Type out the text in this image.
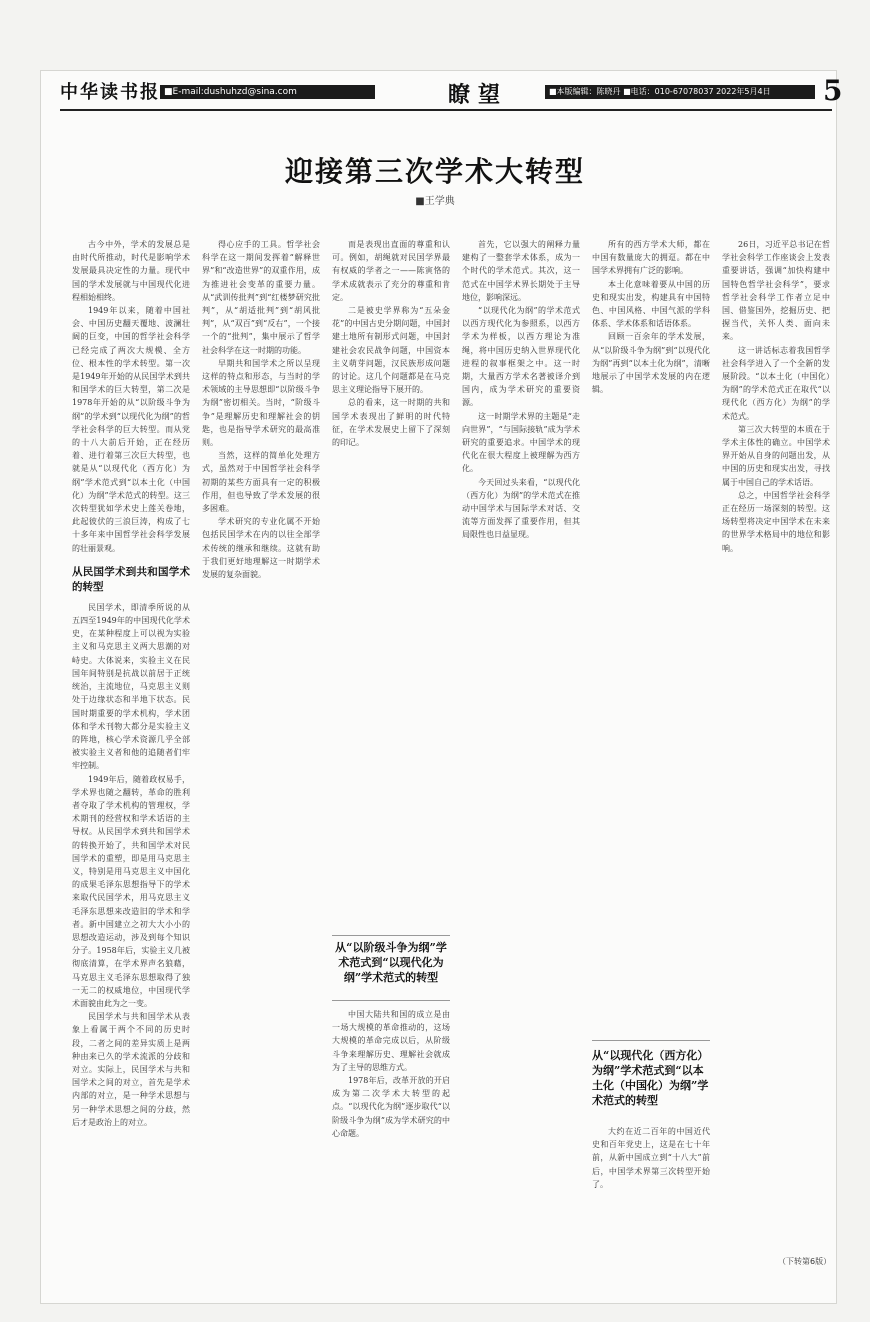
中华读书报 ■E-mail:dushuhzd@sina.com	瞭望	■本版编辑：陈晓丹 ■电话：010-67078037 2022年5月4日	5
迎接第三次学术大转型
■王学典

古今中外，学术的发展总是由时代所推动，时代是影响学术发展最具决定性的力量。现代中国的学术发展就与中国现代化进程相始相终。

1949年以来，随着中国社会、中国历史翻天覆地、波澜壮阔的巨变，中国的哲学社会科学已经完成了两次大规模、全方位、根本性的学术转型。第一次是1949年开始的从民国学术到共和国学术的巨大转型，第二次是1978年开始的从“以阶级斗争为纲”的学术到“以现代化为纲”的哲学社会科学的巨大转型。而从党的十八大前后开始，正在经历着、进行着第三次巨大转型，也就是从“以现代化（西方化）为纲”学术范式到“以本土化（中国化）为纲”学术范式的转型。这三次转型犹如学术史上莲关卷地，此起彼伏的三浪巨涛，构成了七十多年来中国哲学社会科学发展的壮丽景观。

从民国学术到共和国学术的转型

民国学术，即清季所说的从五四至1949年的中国现代化学术史，在某种程度上可以视为实验主义和马克思主义两大思潮的对峙史。大体说来，实验主义在民国年间特别是抗战以前居于正统统治，主流地位，马克思主义则处于边缘状态和半地下状态。民国时期重要的学术机构，学术团体和学术刊物大都分是实验主义的阵地，核心学术资源几乎全部被实验主义者和他的追随者们牢牢控制。

1949年后，随着政权易手，学术界也随之翻转，革命的胜利者夺取了学术机构的管理权，学术期刊的经营权和学术话语的主导权。从民国学术到共和国学术的转换开始了，共和国学术对民国学术的重塑，即是用马克思主义，特别是用马克思主义中国化的成果毛泽东思想指导下的学术来取代民国学术，用马克思主义毛泽东思想来改造旧的学术和学者。新中国建立之初大大小小的思想改造运动，涉及到每个知识分子。1958年后，实验主义几被彻底清算，在学术界声名狼藉，马克思主义毛泽东思想取得了独一无二的权威地位，中国现代学术面貌由此为之一变。

民国学术与共和国学术从表象上看属于两个不同的历史时段，二者之间的差异实质上是两种由来已久的学术流派的分歧和对立。实际上，民国学术与共和国学术之间的对立，首先是学术内部的对立，是一种学术思想与另一种学术思想之间的分歧，然后才是政治上的对立。

得心应手的工具。哲学社会科学在这一期间发挥着“解释世界”和“改造世界”的双重作用，成为推进社会变革的重要力量。从“武训传批判”到“红楼梦研究批判”，从“胡适批判”到“胡风批判”，从“双百”到“反右”，一个接一个的“批判”，集中展示了哲学社会科学在这一时期的功能。

早期共和国学术之所以呈现这样的特点和形态，与当时的学术领域的主导思想即“以阶级斗争为纲”密切相关。当时，“阶级斗争”是理解历史和理解社会的钥匙，也是指导学术研究的最高准则。

当然，这样的简单化处理方式，虽然对于中国哲学社会科学初期的某些方面具有一定的积极作用，但也导致了学术发展的很多困难。

学术研究的专业化属不开始包括民国学术在内的以往全部学术传统的继承和继续。这就有助于我们更好地理解这一时期学术发展的复杂面貌。

而是表现出直面的尊重和认可。例如，胡绳就对民国学界最有权威的学者之一——陈寅恪的学术成就表示了充分的尊重和肯定。

二是被史学界称为“五朵金花”的中国古史分期问题，中国封建土地所有制形式问题，中国封建社会农民战争问题，中国资本主义萌芽问题，汉民族形成问题的讨论。这几个问题都是在马克思主义理论指导下展开的。

总的看来，这一时期的共和国学术表现出了鲜明的时代特征，在学术发展史上留下了深刻的印记。

从“以阶级斗争为纲”学术范式到“以现代化为纲”学术范式的转型

中国大陆共和国的成立是由一场大规模的革命推动的，这场大规模的革命完成以后，从阶级斗争来理解历史、理解社会就成为了主导的思维方式。

1978年后，改革开放的开启成为第二次学术大转型的起点。“以现代化为纲”逐步取代“以阶级斗争为纲”成为学术研究的中心命题。

首先，它以强大的阐释力量建构了一整套学术体系，成为一个时代的学术范式。其次，这一范式在中国学术界长期处于主导地位，影响深远。

“以现代化为纲”的学术范式以西方现代化为参照系，以西方学术为样板，以西方理论为准绳，将中国历史纳入世界现代化进程的叙事框架之中。这一时期，大量西方学术名著被译介到国内，成为学术研究的重要资源。

这一时期学术界的主题是“走向世界”，“与国际接轨”成为学术研究的重要追求。中国学术的现代化在很大程度上被理解为西方化。

今天回过头来看，“以现代化（西方化）为纲”的学术范式在推动中国学术与国际学术对话、交流等方面发挥了重要作用，但其局限性也日益显现。

所有的西方学术大师，都在中国有数量庞大的拥趸。都在中国学术界拥有广泛的影响。

本土化意味着要从中国的历史和现实出发，构建具有中国特色、中国风格、中国气派的学科体系、学术体系和话语体系。

回顾一百余年的学术发展，从“以阶级斗争为纲”到“以现代化为纲”再到“以本土化为纲”，清晰地展示了中国学术发展的内在逻辑。

从“以现代化（西方化）为纲”学术范式到“以本土化（中国化）为纲”学术范式的转型

大约在近二百年的中国近代史和百年党史上，这是在七十年前，从新中国成立到“十八大”前后，中国学术界第三次转型开始了。

26日，习近平总书记在哲学社会科学工作座谈会上发表重要讲话，强调“加快构建中国特色哲学社会科学”，要求哲学社会科学工作者立足中国、借鉴国外，挖掘历史、把握当代，关怀人类、面向未来。

这一讲话标志着我国哲学社会科学进入了一个全新的发展阶段。“以本土化（中国化）为纲”的学术范式正在取代“以现代化（西方化）为纲”的学术范式。

第三次大转型的本质在于学术主体性的确立。中国学术界开始从自身的问题出发，从中国的历史和现实出发，寻找属于中国自己的学术话语。

总之，中国哲学社会科学正在经历一场深刻的转型。这场转型将决定中国学术在未来的世界学术格局中的地位和影响。

（下转第6版）
